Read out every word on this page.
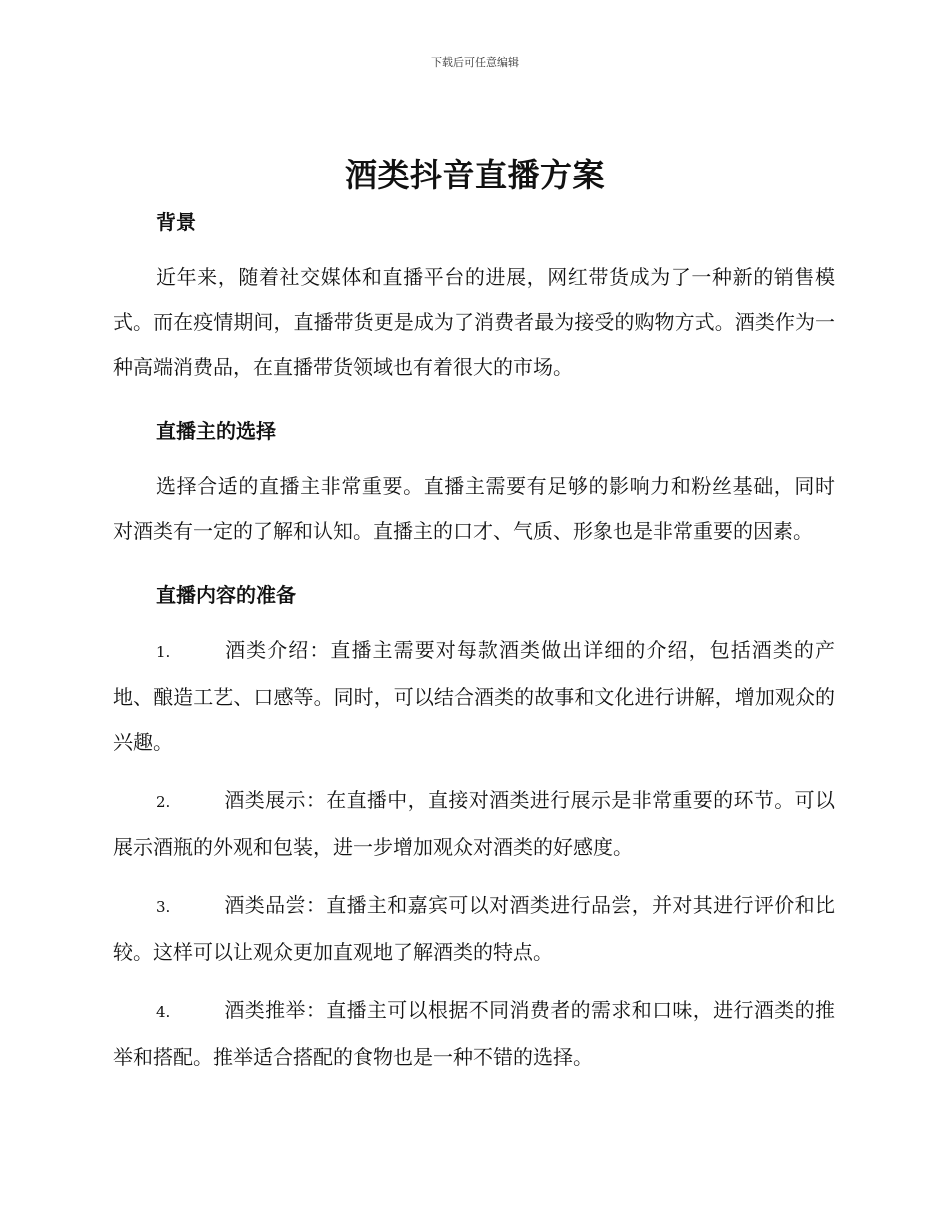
下载后可任意编辑
酒类抖音直播方案
背景

近年来，随着社交媒体和直播平台的进展，网红带货成为了一种新的销售模式。而在疫情期间，直播带货更是成为了消费者最为接受的购物方式。酒类作为一种高端消费品，在直播带货领域也有着很大的市场。

直播主的选择

选择合适的直播主非常重要。直播主需要有足够的影响力和粉丝基础，同时对酒类有一定的了解和认知。直播主的口才、气质、形象也是非常重要的因素。

直播内容的准备

1.	酒类介绍：直播主需要对每款酒类做出详细的介绍，包括酒类的产地、酿造工艺、口感等。同时，可以结合酒类的故事和文化进行讲解，增加观众的兴趣。

2.	酒类展示：在直播中，直接对酒类进行展示是非常重要的环节。可以展示酒瓶的外观和包装，进一步增加观众对酒类的好感度。

3.	酒类品尝：直播主和嘉宾可以对酒类进行品尝，并对其进行评价和比较。这样可以让观众更加直观地了解酒类的特点。

4.	酒类推举：直播主可以根据不同消费者的需求和口味，进行酒类的推举和搭配。推举适合搭配的食物也是一种不错的选择。
